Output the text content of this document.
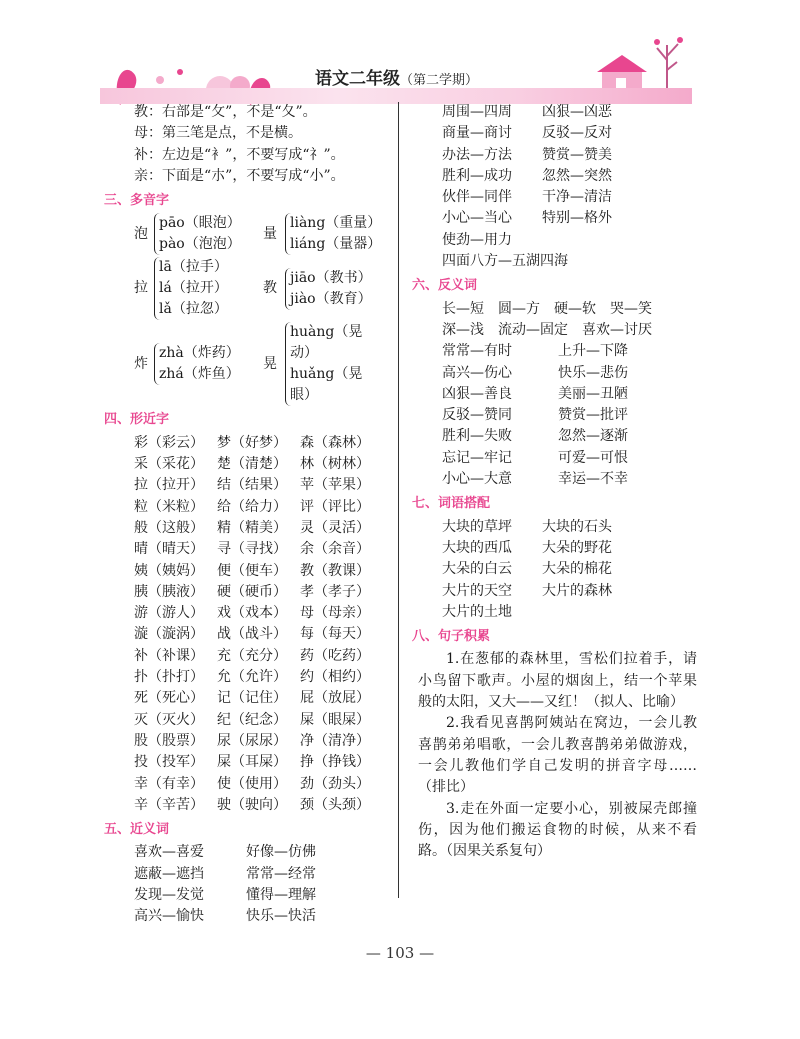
语文二年级（第二学期）
教：右部是“攵”，不是“夂”。
母：第三笔是点，不是横。
补：左边是“衤”，不要写成“礻”。
亲：下面是“朩”，不要写成“小”。
三、多音字
泡
pāo（眼泡）
pào（泡泡）
量
liàng（重量）
liáng（量器）
拉
lā（拉手）
lá（拉开）
lǎ（拉忽）
教
jiāo（教书）
jiào（教育）
炸
zhà（炸药）
zhá（炸鱼）
晃
huàng（晃动）
huǎng（晃眼）
四、形近字
彩（彩云） 梦（好梦） 森（森林）
采（采花） 楚（清楚） 林（树林）
拉（拉开） 结（结果） 苹（苹果）
粒（米粒） 给（给力） 评（评比）
般（这般） 精（精美） 灵（灵活）
晴（晴天） 寻（寻找） 余（余音）
姨（姨妈） 便（便车） 教（教课）
胰（胰液） 硬（硬币） 孝（孝子）
游（游人） 戏（戏本） 母（母亲）
漩（漩涡） 战（战斗） 每（每天）
补（补课） 充（充分） 药（吃药）
扑（扑打） 允（允许） 约（相约）
死（死心） 记（记住） 屁（放屁）
灭（灭火） 纪（纪念） 屎（眼屎）
股（股票） 尿（尿尿） 净（清净）
投（投军） 屎（耳屎） 挣（挣钱）
幸（有幸） 使（使用） 劲（劲头）
辛（辛苦） 驶（驶向） 颈（头颈）
五、近义词
喜欢—喜爱	好像—仿佛
遮蔽—遮挡	常常—经常
发现—发觉	懂得—理解
高兴—愉快	快乐—快活
周围—四周	凶狠—凶恶
商量—商讨	反驳—反对
办法—方法	赞赏—赞美
胜利—成功	忽然—突然
伙伴—同伴	干净—清洁
小心—当心	特别—格外
使劲—用力
四面八方—五湖四海
六、反义词
长—短　圆—方　硬—软　哭—笑
深—浅　流动—固定　喜欢—讨厌
常常—有时	上升—下降
高兴—伤心	快乐—悲伤
凶狠—善良	美丽—丑陋
反驳—赞同	赞赏—批评
胜利—失败	忽然—逐渐
忘记—牢记	可爱—可恨
小心—大意	幸运—不幸
七、词语搭配
大块的草坪	大块的石头
大块的西瓜	大朵的野花
大朵的白云	大朵的棉花
大片的天空	大片的森林
大片的土地
八、句子积累
1.在葱郁的森林里，雪松们拉着手，请小鸟留下歌声。小屋的烟囱上，结一个苹果般的太阳，又大——又红！（拟人、比喻）
2.我看见喜鹊阿姨站在窝边，一会儿教喜鹊弟弟唱歌，一会儿教喜鹊弟弟做游戏，一会儿教他们学自己发明的拼音字母……（排比）
3.走在外面一定要小心，别被屎壳郎撞伤，因为他们搬运食物的时候，从来不看路。（因果关系复句）
— 103 —
